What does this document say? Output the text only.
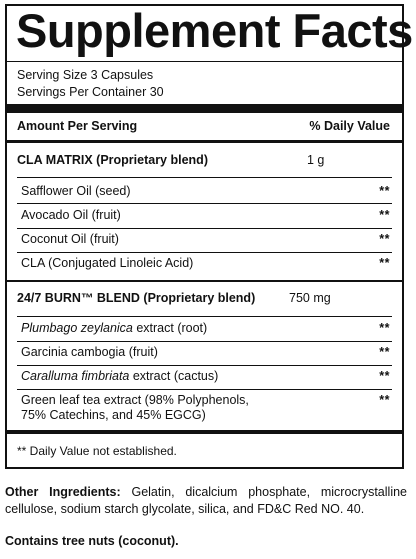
Supplement Facts
Serving Size 3 Capsules
Servings Per Container 30
Amount Per Serving	% Daily Value
CLA MATRIX (Proprietary blend)	1 g
Safflower Oil (seed)	**
Avocado Oil (fruit)	**
Coconut Oil (fruit)	**
CLA (Conjugated Linoleic Acid)	**
24/7 BURN™ BLEND (Proprietary blend)	750 mg
Plumbago zeylanica extract (root)	**
Garcinia cambogia (fruit)	**
Caralluma fimbriata extract (cactus)	**
Green leaf tea extract (98% Polyphenols,
75% Catechins, and 45% EGCG)
**
** Daily Value not established.
Other Ingredients: Gelatin, dicalcium phosphate, microcrystalline cellulose, sodium starch glycolate, silica, and FD&C Red NO. 40.
Contains tree nuts (coconut).
